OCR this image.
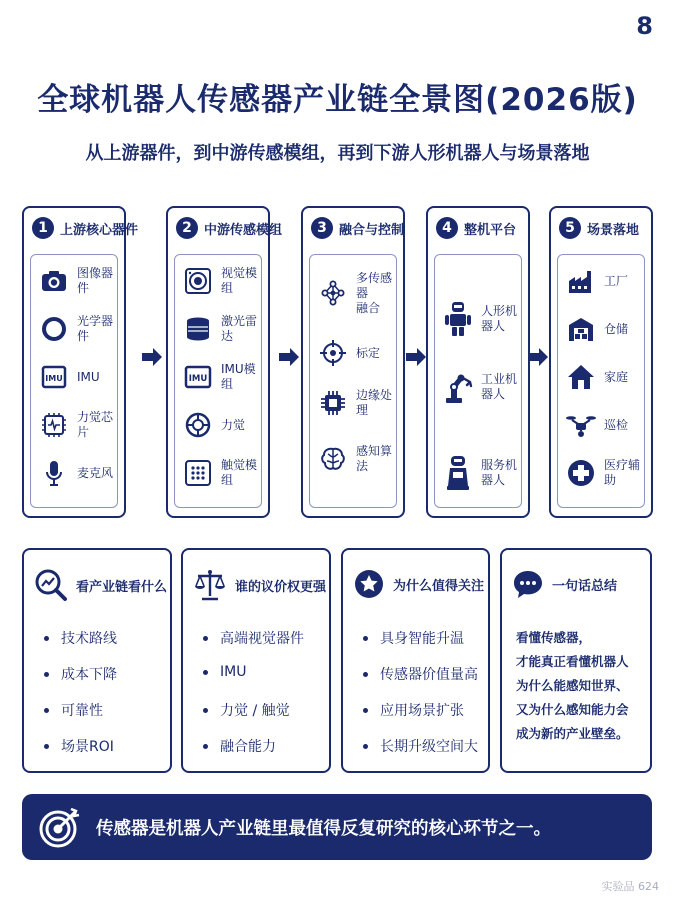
8
全球机器人传感器产业链全景图(2026版)
从上游器件，到中游传感模组，再到下游人形机器人与场景落地
1 上游核心器件
图像器件
光学器件
IMU IMU
力觉芯片
麦克风
2 中游传感模组
视觉模组
激光雷达
IMU
IMU模组
力觉
触觉模组
3 融合与控制
多传感器
融合
标定
边缘处理
感知算法
4 整机平台
人形机器人
工业机器人
服务机器人
5 场景落地
工厂
仓储
家庭
巡检
医疗辅助
看产业链看什么
技术路线
成本下降
可靠性
场景ROI
谁的议价权更强
高端视觉器件
IMU
力觉 / 触觉
融合能力
为什么值得关注
具身智能升温
传感器价值量高
应用场景扩张
长期升级空间大
一句话总结
看懂传感器，
才能真正看懂机器人
为什么能感知世界、
又为什么感知能力会
成为新的产业壁垒。
传感器是机器人产业链里最值得反复研究的核心环节之一。
实验品 624
